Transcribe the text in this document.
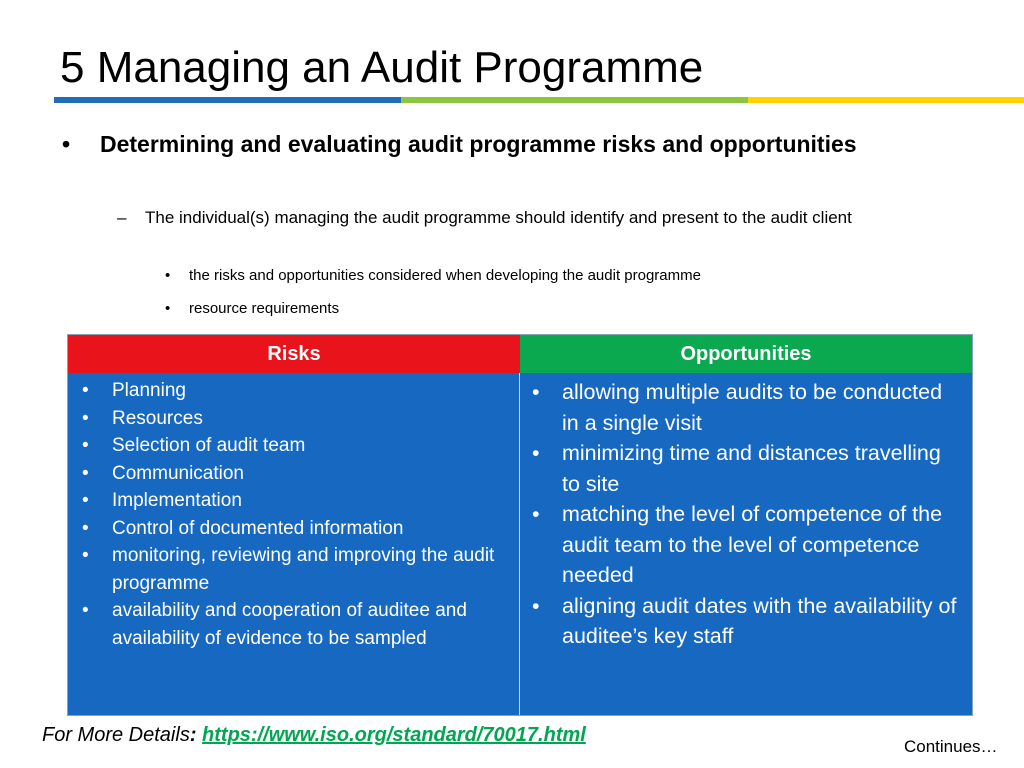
5 Managing an Audit Programme
• Determining and evaluating audit programme risks and opportunities
– The individual(s) managing the audit programme should identify and present to the audit client
• the risks and opportunities considered when developing the audit programme
• resource requirements
Risks	Opportunities
• Planning
• Resources
• Selection of audit team
• Communication
• Implementation
• Control of documented information
• monitoring, reviewing and improving the audit programme
• availability and cooperation of auditee and availability of evidence to be sampled
• allowing multiple audits to be conducted in a single visit
• minimizing time and distances travelling to site
• matching the level of competence of the audit team to the level of competence needed
• aligning audit dates with the availability of auditee’s key staff
For More Details: https://www.iso.org/standard/70017.html
Continues…
